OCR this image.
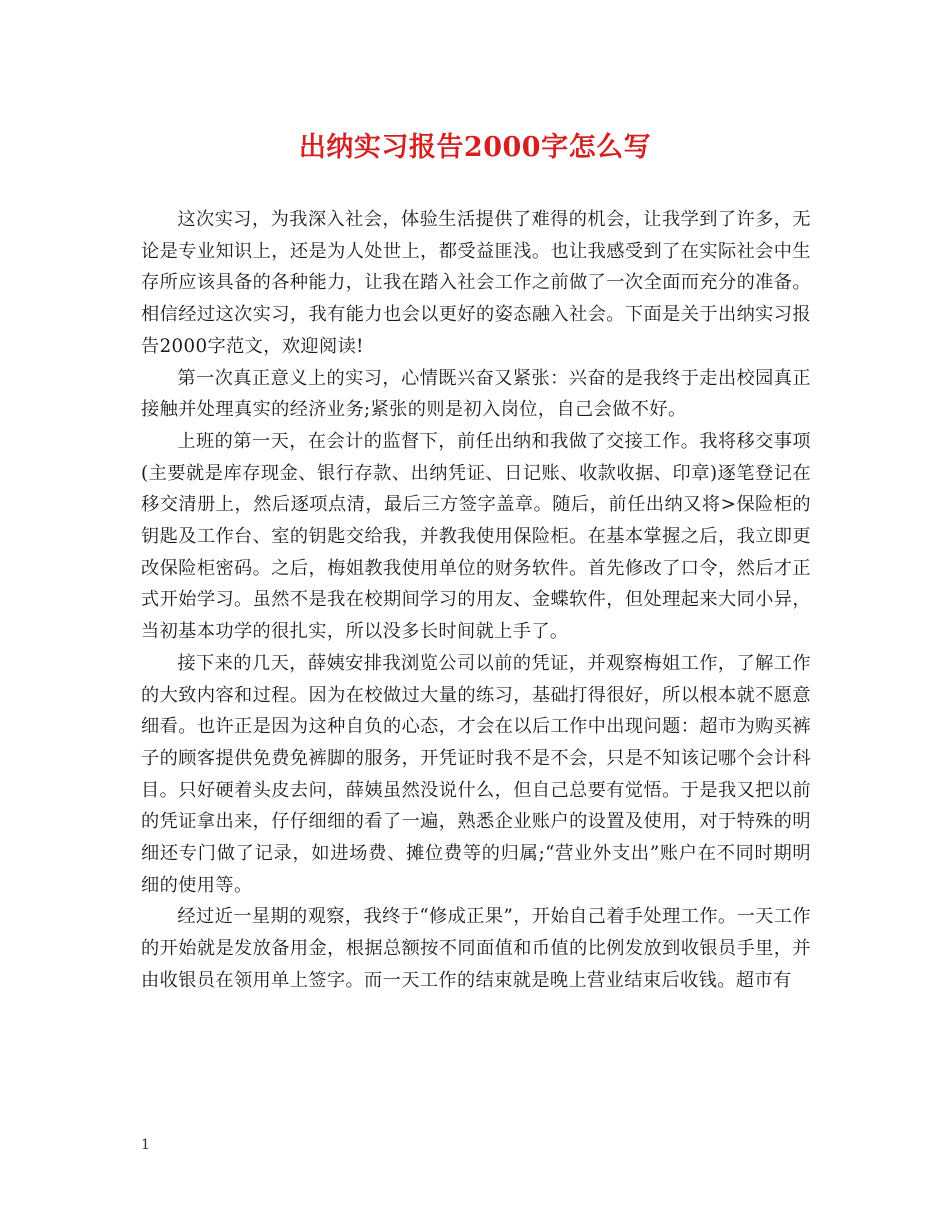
出纳实习报告2000字怎么写

这次实习，为我深入社会，体验生活提供了难得的机会，让我学到了许多，无论是专业知识上，还是为人处世上，都受益匪浅。也让我感受到了在实际社会中生存所应该具备的各种能力，让我在踏入社会工作之前做了一次全面而充分的准备。相信经过这次实习，我有能力也会以更好的姿态融入社会。下面是关于出纳实习报告2000字范文，欢迎阅读!

第一次真正意义上的实习，心情既兴奋又紧张：兴奋的是我终于走出校园真正接触并处理真实的经济业务;紧张的则是初入岗位，自己会做不好。

上班的第一天，在会计的监督下，前任出纳和我做了交接工作。我将移交事项(主要就是库存现金、银行存款、出纳凭证、日记账、收款收据、印章)逐笔登记在移交清册上，然后逐项点清，最后三方签字盖章。随后，前任出纳又将>保险柜的钥匙及工作台、室的钥匙交给我，并教我使用保险柜。在基本掌握之后，我立即更改保险柜密码。之后，梅姐教我使用单位的财务软件。首先修改了口令，然后才正式开始学习。虽然不是我在校期间学习的用友、金蝶软件，但处理起来大同小异，当初基本功学的很扎实，所以没多长时间就上手了。

接下来的几天，薛姨安排我浏览公司以前的凭证，并观察梅姐工作，了解工作的大致内容和过程。因为在校做过大量的练习，基础打得很好，所以根本就不愿意细看。也许正是因为这种自负的心态，才会在以后工作中出现问题：超市为购买裤子的顾客提供免费免裤脚的服务，开凭证时我不是不会，只是不知该记哪个会计科目。只好硬着头皮去问，薛姨虽然没说什么，但自己总要有觉悟。于是我又把以前的凭证拿出来，仔仔细细的看了一遍，熟悉企业账户的设置及使用，对于特殊的明细还专门做了记录，如进场费、摊位费等的归属;“营业外支出”账户在不同时期明细的使用等。

经过近一星期的观察，我终于“修成正果”，开始自己着手处理工作。一天工作的开始就是发放备用金，根据总额按不同面值和币值的比例发放到收银员手里，并由收银员在领用单上签字。而一天工作的结束就是晚上营业结束后收钱。超市有

1
